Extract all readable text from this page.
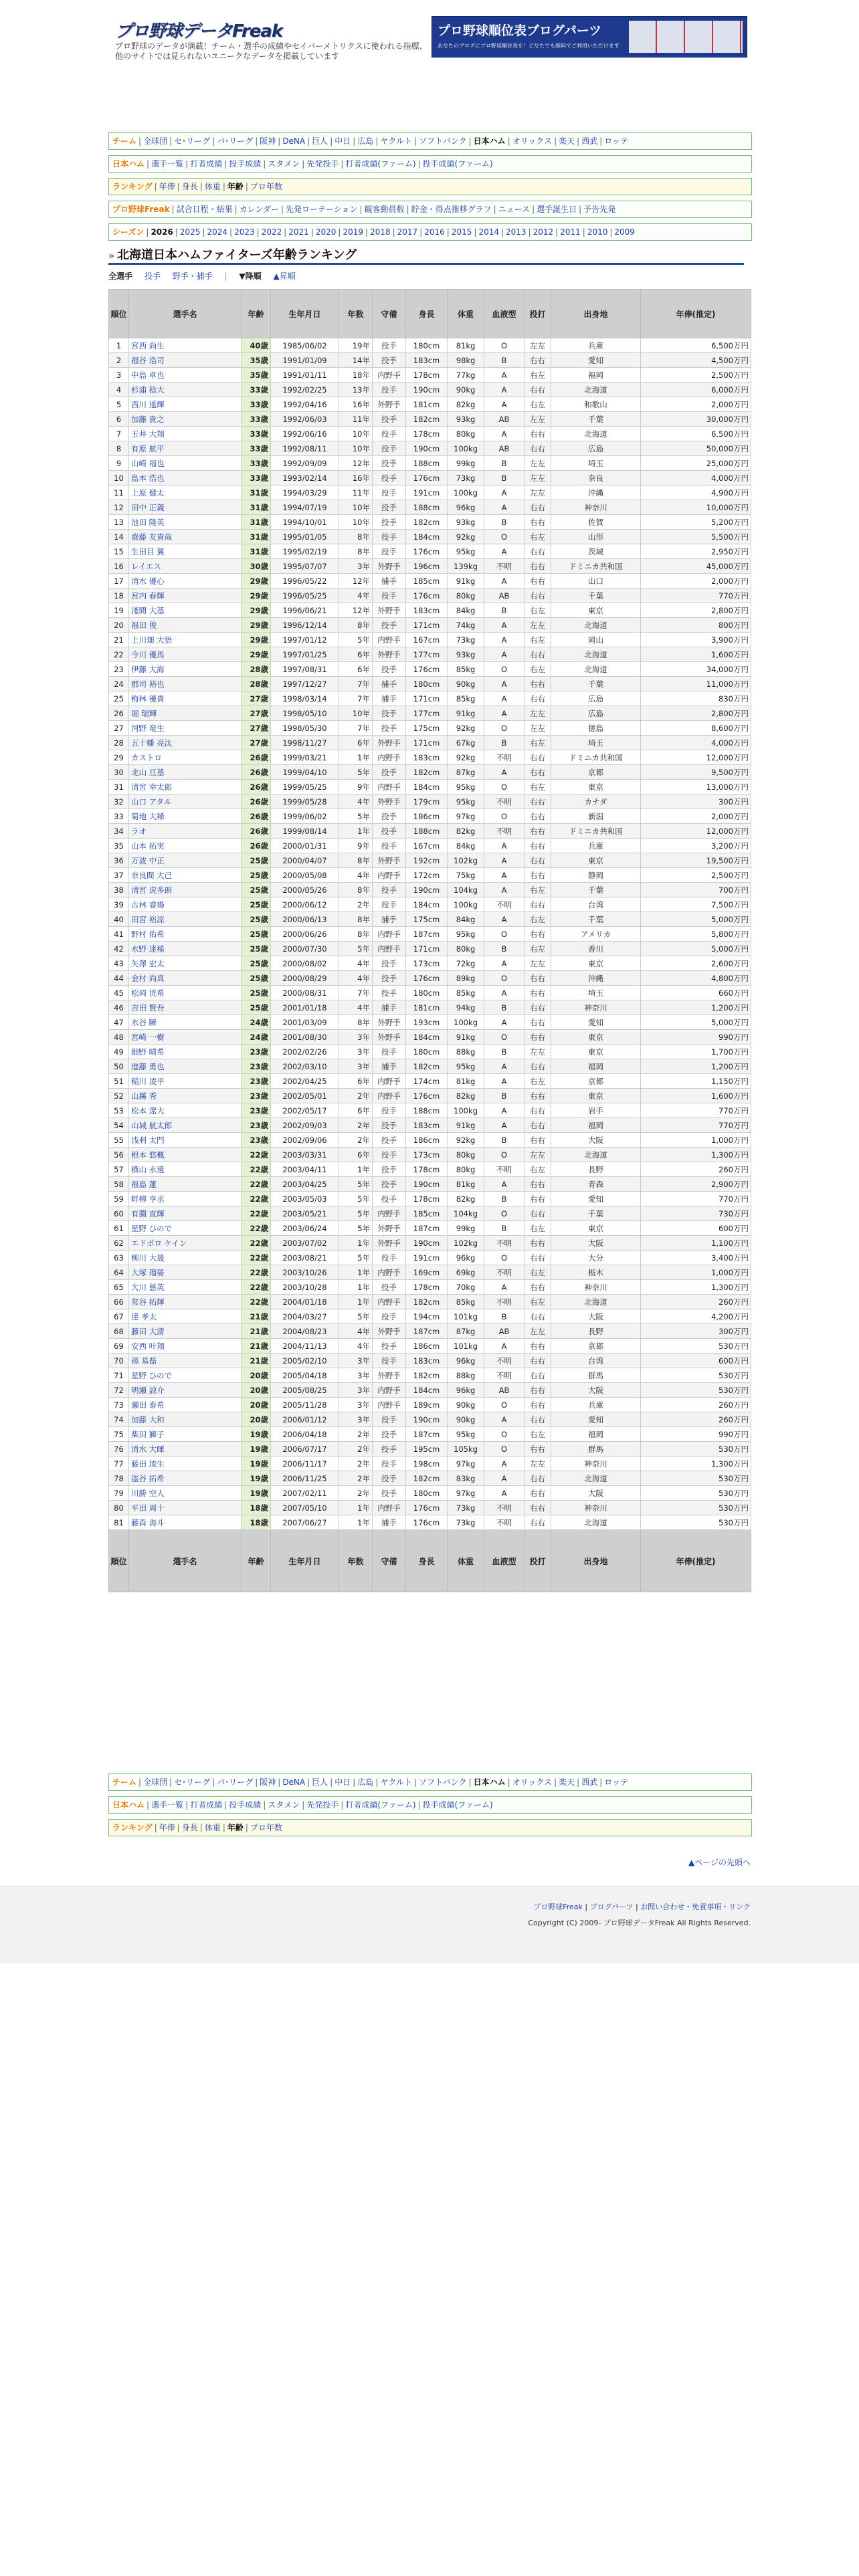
プロ野球データFreak
プロ野球のデータが満載！チーム・選手の成績やセイバーメトリクスに使われる指標、他のサイトでは見られないユニークなデータを掲載しています
プロ野球順位表ブログパーツ
あなたのブログにプロ野球順位表を！どなたでも無料でご利用いただけます
チーム | 全球団 | セ･リーグ | パ･リーグ | 阪神 | DeNA | 巨人 | 中日 | 広島 | ヤクルト | ソフトバンク | 日本ハム | オリックス | 楽天 | 西武 | ロッテ
日本ハム | 選手一覧 | 打者成績 | 投手成績 | スタメン | 先発投手 | 打者成績(ファーム) | 投手成績(ファーム)
ランキング | 年俸 | 身長 | 体重 | 年齢 | プロ年数
プロ野球Freak | 試合日程・結果 | カレンダー | 先発ローテーション | 観客動員数 | 貯金・得点推移グラフ | ニュース | 選手誕生日 | 予告先発
シーズン | 2026 | 2025 | 2024 | 2023 | 2022 | 2021 | 2020 | 2019 | 2018 | 2017 | 2016 | 2015 | 2014 | 2013 | 2012 | 2011 | 2010 | 2009
» 北海道日本ハムファイターズ年齢ランキング
全選手 投手 野手・捕手 | ▼降順 ▲昇順
順位	選手名	年齢	生年月日	年数	守備	身長	体重	血液型	投打	出身地	年俸(推定)
1	宮西 尚生	40歳	1985/06/02	19年	投手	180cm	81kg	O	左左	兵庫	6,500万円
2	福谷 浩司	35歳	1991/01/09	14年	投手	183cm	98kg	B	右右	愛知	4,500万円
3	中島 卓也	35歳	1991/01/11	18年	内野手	178cm	77kg	A	右左	福岡	2,500万円
4	杉浦 稔大	33歳	1992/02/25	13年	投手	190cm	90kg	A	右右	北海道	6,000万円
5	西川 遥輝	33歳	1992/04/16	16年	外野手	181cm	82kg	A	右左	和歌山	2,000万円
6	加藤 貴之	33歳	1992/06/03	11年	投手	182cm	93kg	AB	左左	千葉	30,000万円
7	玉井 大翔	33歳	1992/06/16	10年	投手	178cm	80kg	A	右右	北海道	6,500万円
8	有原 航平	33歳	1992/08/11	10年	投手	190cm	100kg	AB	右右	広島	50,000万円
9	山崎 福也	33歳	1992/09/09	12年	投手	188cm	99kg	B	左左	埼玉	25,000万円
10	島本 浩也	33歳	1993/02/14	16年	投手	176cm	73kg	B	左左	奈良	4,000万円
11	上原 健太	31歳	1994/03/29	11年	投手	191cm	100kg	A	左左	沖縄	4,900万円
12	田中 正義	31歳	1994/07/19	10年	投手	188cm	96kg	A	右右	神奈川	10,000万円
13	池田 隆英	31歳	1994/10/01	10年	投手	182cm	93kg	B	右右	佐賀	5,200万円
14	齋藤 友貴哉	31歳	1995/01/05	8年	投手	184cm	92kg	O	右左	山形	5,500万円
15	生田目 翼	31歳	1995/02/19	8年	投手	176cm	95kg	A	右右	茨城	2,950万円
16	レイエス	30歳	1995/07/07	3年	外野手	196cm	139kg	不明	右右	ドミニカ共和国	45,000万円
17	清水 優心	29歳	1996/05/22	12年	捕手	185cm	91kg	A	右右	山口	2,000万円
18	宮内 春輝	29歳	1996/05/25	4年	投手	176cm	80kg	AB	右右	千葉	770万円
19	淺間 大基	29歳	1996/06/21	12年	外野手	183cm	84kg	B	右左	東京	2,800万円
20	福田 俊	29歳	1996/12/14	8年	投手	171cm	74kg	A	左左	北海道	800万円
21	上川畑 大悟	29歳	1997/01/12	5年	内野手	167cm	73kg	A	右左	岡山	3,900万円
22	今川 優馬	29歳	1997/01/25	6年	外野手	177cm	93kg	A	右右	北海道	1,600万円
23	伊藤 大海	28歳	1997/08/31	6年	投手	176cm	85kg	O	右左	北海道	34,000万円
24	郡司 裕也	28歳	1997/12/27	7年	捕手	180cm	90kg	A	右右	千葉	11,000万円
25	梅林 優貴	27歳	1998/03/14	7年	捕手	171cm	85kg	A	右右	広島	830万円
26	堀 瑞輝	27歳	1998/05/10	10年	投手	177cm	91kg	A	左左	広島	2,800万円
27	河野 竜生	27歳	1998/05/30	7年	投手	175cm	92kg	O	左左	徳島	8,600万円
28	五十幡 亮汰	27歳	1998/11/27	6年	外野手	171cm	67kg	B	右左	埼玉	4,000万円
29	カストロ	26歳	1999/03/21	1年	内野手	183cm	92kg	不明	右右	ドミニカ共和国	12,000万円
30	北山 亘基	26歳	1999/04/10	5年	投手	182cm	87kg	A	右右	京都	9,500万円
31	清宮 幸太郎	26歳	1999/05/25	9年	内野手	184cm	95kg	O	右左	東京	13,000万円
32	山口 アタル	26歳	1999/05/28	4年	外野手	179cm	95kg	不明	右右	カナダ	300万円
33	菊地 大稀	26歳	1999/06/02	5年	投手	186cm	97kg	O	右右	新潟	2,000万円
34	ラオ	26歳	1999/08/14	1年	投手	188cm	82kg	不明	右右	ドミニカ共和国	12,000万円
35	山本 拓実	26歳	2000/01/31	9年	投手	167cm	84kg	A	右右	兵庫	3,200万円
36	万波 中正	25歳	2000/04/07	8年	外野手	192cm	102kg	A	右右	東京	19,500万円
37	奈良間 大己	25歳	2000/05/08	4年	内野手	172cm	75kg	A	右右	静岡	2,500万円
38	清宮 虎多朗	25歳	2000/05/26	8年	投手	190cm	104kg	A	右左	千葉	700万円
39	古林 睿煬	25歳	2000/06/12	2年	投手	184cm	100kg	不明	右右	台湾	7,500万円
40	田宮 裕涼	25歳	2000/06/13	8年	捕手	175cm	84kg	A	右左	千葉	5,000万円
41	野村 佑希	25歳	2000/06/26	8年	内野手	187cm	95kg	O	右右	アメリカ	5,800万円
42	水野 達稀	25歳	2000/07/30	5年	内野手	171cm	80kg	B	右左	香川	5,000万円
43	矢澤 宏太	25歳	2000/08/02	4年	投手	173cm	72kg	A	左左	東京	2,600万円
44	金村 尚真	25歳	2000/08/29	4年	投手	176cm	89kg	O	右右	沖縄	4,800万円
45	松岡 洸希	25歳	2000/08/31	7年	投手	180cm	85kg	A	右右	埼玉	660万円
46	吉田 賢吾	25歳	2001/01/18	4年	捕手	181cm	94kg	B	右右	神奈川	1,200万円
47	水谷 瞬	24歳	2001/03/09	8年	外野手	193cm	100kg	A	右右	愛知	5,000万円
48	宮崎 一樹	24歳	2001/08/30	3年	外野手	184cm	91kg	O	右右	東京	990万円
49	細野 晴希	23歳	2002/02/26	3年	投手	180cm	88kg	B	左左	東京	1,700万円
50	進藤 勇也	23歳	2002/03/10	3年	捕手	182cm	95kg	A	右右	福岡	1,200万円
51	稲川 凌平	23歳	2002/04/25	6年	内野手	174cm	81kg	A	右左	京都	1,150万円
52	山縣 秀	23歳	2002/05/01	2年	内野手	176cm	82kg	B	右右	東京	1,600万円
53	松本 遼大	23歳	2002/05/17	6年	投手	188cm	100kg	A	右右	岩手	770万円
54	山城 航太郎	23歳	2002/09/03	2年	投手	183cm	91kg	A	右右	福岡	770万円
55	浅利 太門	23歳	2002/09/06	2年	投手	186cm	92kg	B	右右	大阪	1,000万円
56	根本 悠楓	22歳	2003/03/31	6年	投手	173cm	80kg	O	左左	北海道	1,300万円
57	横山 永遠	22歳	2003/04/11	1年	投手	178cm	80kg	不明	右左	長野	260万円
58	福島 蓮	22歳	2003/04/25	5年	投手	190cm	81kg	A	右右	青森	2,900万円
59	畔柳 亨丞	22歳	2003/05/03	5年	投手	178cm	82kg	B	右右	愛知	770万円
60	有薗 直輝	22歳	2003/05/21	5年	内野手	185cm	104kg	O	右右	千葉	730万円
61	星野 ひので	22歳	2003/06/24	5年	外野手	187cm	99kg	B	右左	東京	600万円
62	エドポロ ケイン	22歳	2003/07/02	1年	外野手	190cm	102kg	不明	右右	大阪	1,100万円
63	柳川 大晟	22歳	2003/08/21	5年	投手	191cm	96kg	O	右右	大分	3,400万円
64	大塚 瑠晏	22歳	2003/10/26	1年	内野手	169cm	69kg	不明	右左	栃木	1,000万円
65	大川 慈英	22歳	2003/10/28	1年	投手	178cm	70kg	A	右右	神奈川	1,300万円
66	常谷 拓輝	22歳	2004/01/18	1年	内野手	182cm	85kg	不明	右左	北海道	260万円
67	達 孝太	21歳	2004/03/27	5年	投手	194cm	101kg	B	右右	大阪	4,200万円
68	藤田 大清	21歳	2004/08/23	4年	外野手	187cm	87kg	AB	左左	長野	300万円
69	安西 叶翔	21歳	2004/11/13	4年	投手	186cm	101kg	A	右右	京都	530万円
70	孫 易磊	21歳	2005/02/10	3年	投手	183cm	96kg	不明	右右	台湾	600万円
71	星野 ひので	20歳	2005/04/18	3年	外野手	182cm	88kg	不明	右右	群馬	530万円
72	明瀬 諒介	20歳	2005/08/25	3年	内野手	184cm	96kg	AB	右右	大阪	530万円
73	瀬田 泰希	20歳	2005/11/28	3年	内野手	189cm	90kg	O	右右	兵庫	260万円
74	加藤 大和	20歳	2006/01/12	3年	投手	190cm	90kg	A	右右	愛知	260万円
75	柴田 獅子	19歳	2006/04/18	2年	投手	187cm	95kg	O	右左	福岡	990万円
76	清水 大暉	19歳	2006/07/17	2年	投手	195cm	105kg	O	右右	群馬	530万円
77	藤田 琉生	19歳	2006/11/17	2年	投手	198cm	97kg	A	左左	神奈川	1,300万円
78	盗谷 拓希	19歳	2006/11/25	2年	投手	182cm	83kg	A	右右	北海道	530万円
79	川勝 空人	19歳	2007/02/11	2年	投手	180cm	97kg	A	右右	大阪	530万円
80	平田 周十	18歳	2007/05/10	1年	内野手	176cm	73kg	不明	右右	神奈川	530万円
81	藤森 海斗	18歳	2007/06/27	1年	捕手	176cm	73kg	不明	右右	北海道	530万円
順位	選手名	年齢	生年月日	年数	守備	身長	体重	血液型	投打	出身地	年俸(推定)
チーム | 全球団 | セ･リーグ | パ･リーグ | 阪神 | DeNA | 巨人 | 中日 | 広島 | ヤクルト | ソフトバンク | 日本ハム | オリックス | 楽天 | 西武 | ロッテ
日本ハム | 選手一覧 | 打者成績 | 投手成績 | スタメン | 先発投手 | 打者成績(ファーム) | 投手成績(ファーム)
ランキング | 年俸 | 身長 | 体重 | 年齢 | プロ年数
▲ページの先頭へ
プロ野球Freak | ブログパーツ | お問い合わせ・免責事項・リンク
Copyright (C) 2009- プロ野球データFreak All Rights Reserved.
